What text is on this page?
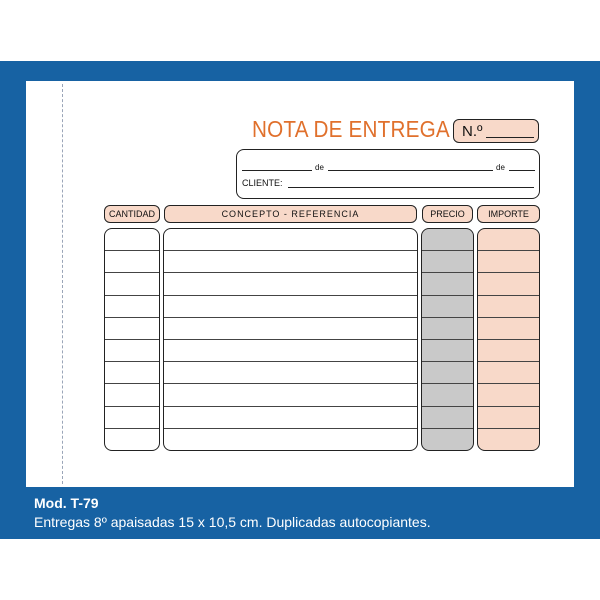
NOTA DE ENTREGA N.º
de	de
CLIENTE:
CANTIDAD	CONCEPTO - REFERENCIA	PRECIO	IMPORTE
Mod. T-79
Entregas 8º apaisadas 15 x 10,5 cm. Duplicadas autocopiantes.
